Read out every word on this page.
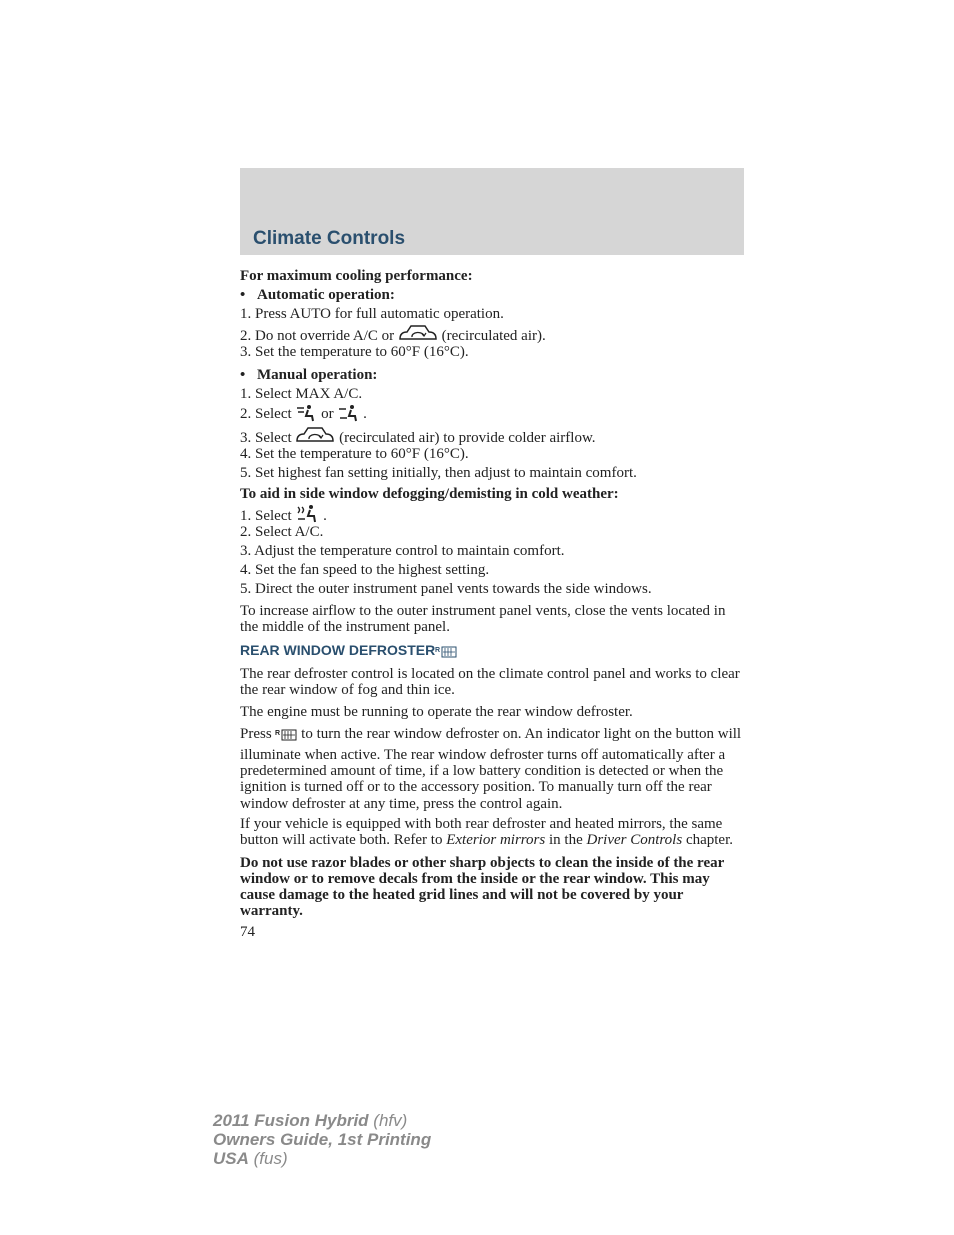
Climate Controls
For maximum cooling performance:
• Automatic operation:
1. Press AUTO for full automatic operation.
2. Do not override A/C or	(recirculated air).
3. Set the temperature to 60°F (16°C).
• Manual operation:
1. Select MAX A/C.
2. Select or .
3. Select	(recirculated air) to provide colder airflow.
4. Set the temperature to 60°F (16°C).
5. Set highest fan setting initially, then adjust to maintain comfort.
To aid in side window defogging/demisting in cold weather:
1. Select .
2. Select A/C.
3. Adjust the temperature control to maintain comfort.
4. Set the fan speed to the highest setting.
5. Direct the outer instrument panel vents towards the side windows.

To increase airflow to the outer instrument panel vents, close the vents located in the middle of the instrument panel.

REAR WINDOW DEFROSTER R

The rear defroster control is located on the climate control panel and works to clear the rear window of fog and thin ice.

The engine must be running to operate the rear window defroster.

Press R to turn the rear window defroster on. An indicator light on the button will illuminate when active. The rear window defroster turns off automatically after a predetermined amount of time, if a low battery condition is detected or when the ignition is turned off or to the accessory position. To manually turn off the rear window defroster at any time, press the control again.

If your vehicle is equipped with both rear defroster and heated mirrors, the same button will activate both. Refer to Exterior mirrors in the Driver Controls chapter.

Do not use razor blades or other sharp objects to clean the inside of the rear window or to remove decals from the inside or the rear window. This may cause damage to the heated grid lines and will not be covered by your warranty.

74
2011 Fusion Hybrid (hfv)
Owners Guide, 1st Printing
USA (fus)
